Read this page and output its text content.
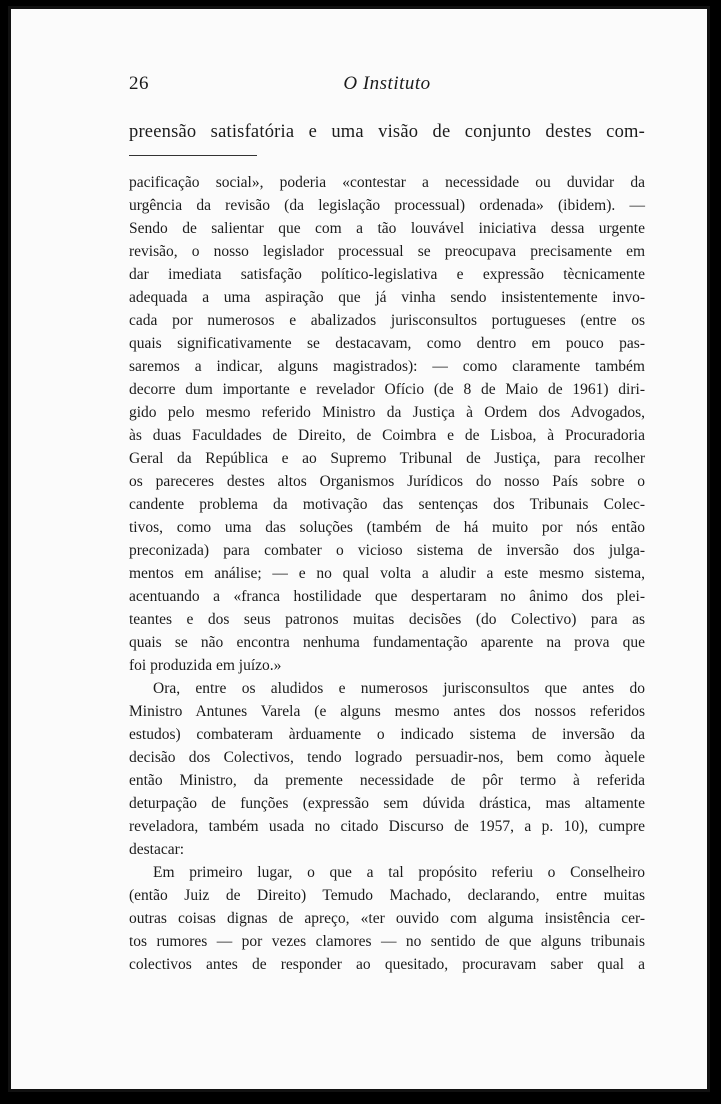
26	O Instituto

preensão satisfatória e uma visão de conjunto destes com-

pacificação social», poderia «contestar a necessidade ou duvidar da
urgência da revisão (da legislação processual) ordenada» (ibidem). —
Sendo de salientar que com a tão louvável iniciativa dessa urgente
revisão, o nosso legislador processual se preocupava precisamente em
dar imediata satisfação político-legislativa e expressão tècnicamente
adequada a uma aspiração que já vinha sendo insistentemente invo-
cada por numerosos e abalizados jurisconsultos portugueses (entre os
quais significativamente se destacavam, como dentro em pouco pas-
saremos a indicar, alguns magistrados): — como claramente também
decorre dum importante e revelador Ofício (de 8 de Maio de 1961) diri-
gido pelo mesmo referido Ministro da Justiça à Ordem dos Advogados,
às duas Faculdades de Direito, de Coimbra e de Lisboa, à Procuradoria
Geral da República e ao Supremo Tribunal de Justiça, para recolher
os pareceres destes altos Organismos Jurídicos do nosso País sobre o
candente problema da motivação das sentenças dos Tribunais Colec-
tivos, como uma das soluções (também de há muito por nós então
preconizada) para combater o vicioso sistema de inversão dos julga-
mentos em análise; — e no qual volta a aludir a este mesmo sistema,
acentuando a «franca hostilidade que despertaram no ânimo dos plei-
teantes e dos seus patronos muitas decisões (do Colectivo) para as
quais se não encontra nenhuma fundamentação aparente na prova que
foi produzida em juízo.»
Ora, entre os aludidos e numerosos jurisconsultos que antes do
Ministro Antunes Varela (e alguns mesmo antes dos nossos referidos
estudos) combateram àrduamente o indicado sistema de inversão da
decisão dos Colectivos, tendo logrado persuadir-nos, bem como àquele
então Ministro, da premente necessidade de pôr termo à referida
deturpação de funções (expressão sem dúvida drástica, mas altamente
reveladora, também usada no citado Discurso de 1957, a p. 10), cumpre
destacar:
Em primeiro lugar, o que a tal propósito referiu o Conselheiro
(então Juiz de Direito) Temudo Machado, declarando, entre muitas
outras coisas dignas de apreço, «ter ouvido com alguma insistência cer-
tos rumores — por vezes clamores — no sentido de que alguns tribunais
colectivos antes de responder ao quesitado, procuravam saber qual a
